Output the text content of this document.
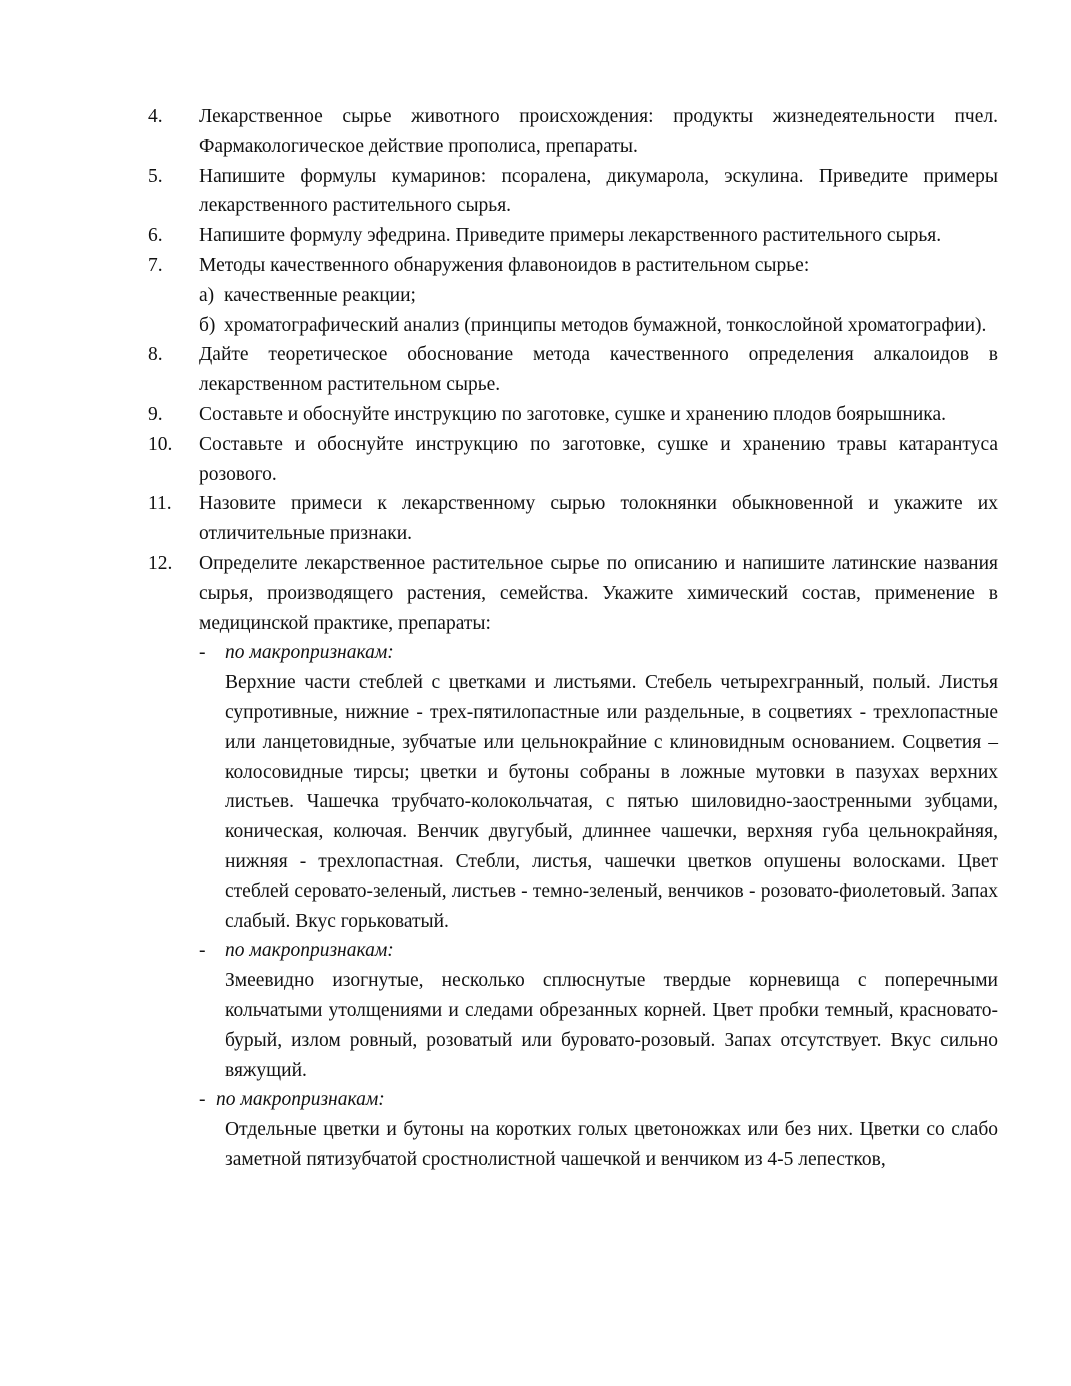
4. Лекарственное сырье животного происхождения: продукты жизнедеятельности пчел. Фармакологическое действие прополиса, препараты.
5. Напишите формулы кумаринов: псоралена, дикумарола, эскулина. Приведите примеры лекарственного растительного сырья.
6. Напишите формулу эфедрина. Приведите примеры лекарственного растительного сырья.
7. Методы качественного обнаружения флавоноидов в растительном сырье:
а) качественные реакции;
б) хроматографический анализ (принципы методов бумажной, тонкослойной хроматографии).
8. Дайте теоретическое обоснование метода качественного определения алкалоидов в лекарственном растительном сырье.
9. Составьте и обоснуйте инструкцию по заготовке, сушке и хранению плодов боярышника.
10. Составьте и обоснуйте инструкцию по заготовке, сушке и хранению травы катарантуса розового.
11. Назовите примеси к лекарственному сырью толокнянки обыкновенной и укажите их отличительные признаки.
12. Определите лекарственное растительное сырье по описанию и напишите латинские названия сырья, производящего растения, семейства. Укажите химический состав, применение в медицинской практике, препараты:
- по макропризнакам:
Верхние части стеблей с цветками и листьями. Стебель четырехгранный, полый. Листья супротивные, нижние - трех-пятилопастные или раздельные, в соцветиях - трехлопастные или ланцетовидные, зубчатые или цельнокрайние с клиновидным основанием. Соцветия – колосовидные тирсы; цветки и бутоны собраны в ложные мутовки в пазухах верхних листьев. Чашечка трубчато-колокольчатая, с пятью шиловидно-заостренными зубцами, коническая, колючая. Венчик двугубый, длиннее чашечки, верхняя губа цельнокрайняя, нижняя - трехлопастная. Стебли, листья, чашечки цветков опушены волосками. Цвет стеблей серовато-зеленый, листьев - темно-зеленый, венчиков - розовато-фиолетовый. Запах слабый. Вкус горьковатый.
- по макропризнакам:
Змеевидно изогнутые, несколько сплюснутые твердые корневища с поперечными кольчатыми утолщениями и следами обрезанных корней. Цвет пробки темный, красновато-бурый, излом ровный, розоватый или буровато-розовый. Запах отсутствует. Вкус сильно вяжущий.
- по макропризнакам:
Отдельные цветки и бутоны на коротких голых цветоножках или без них. Цветки со слабо заметной пятизубчатой сростнолистной чашечкой и венчиком из 4-5 лепестков,
